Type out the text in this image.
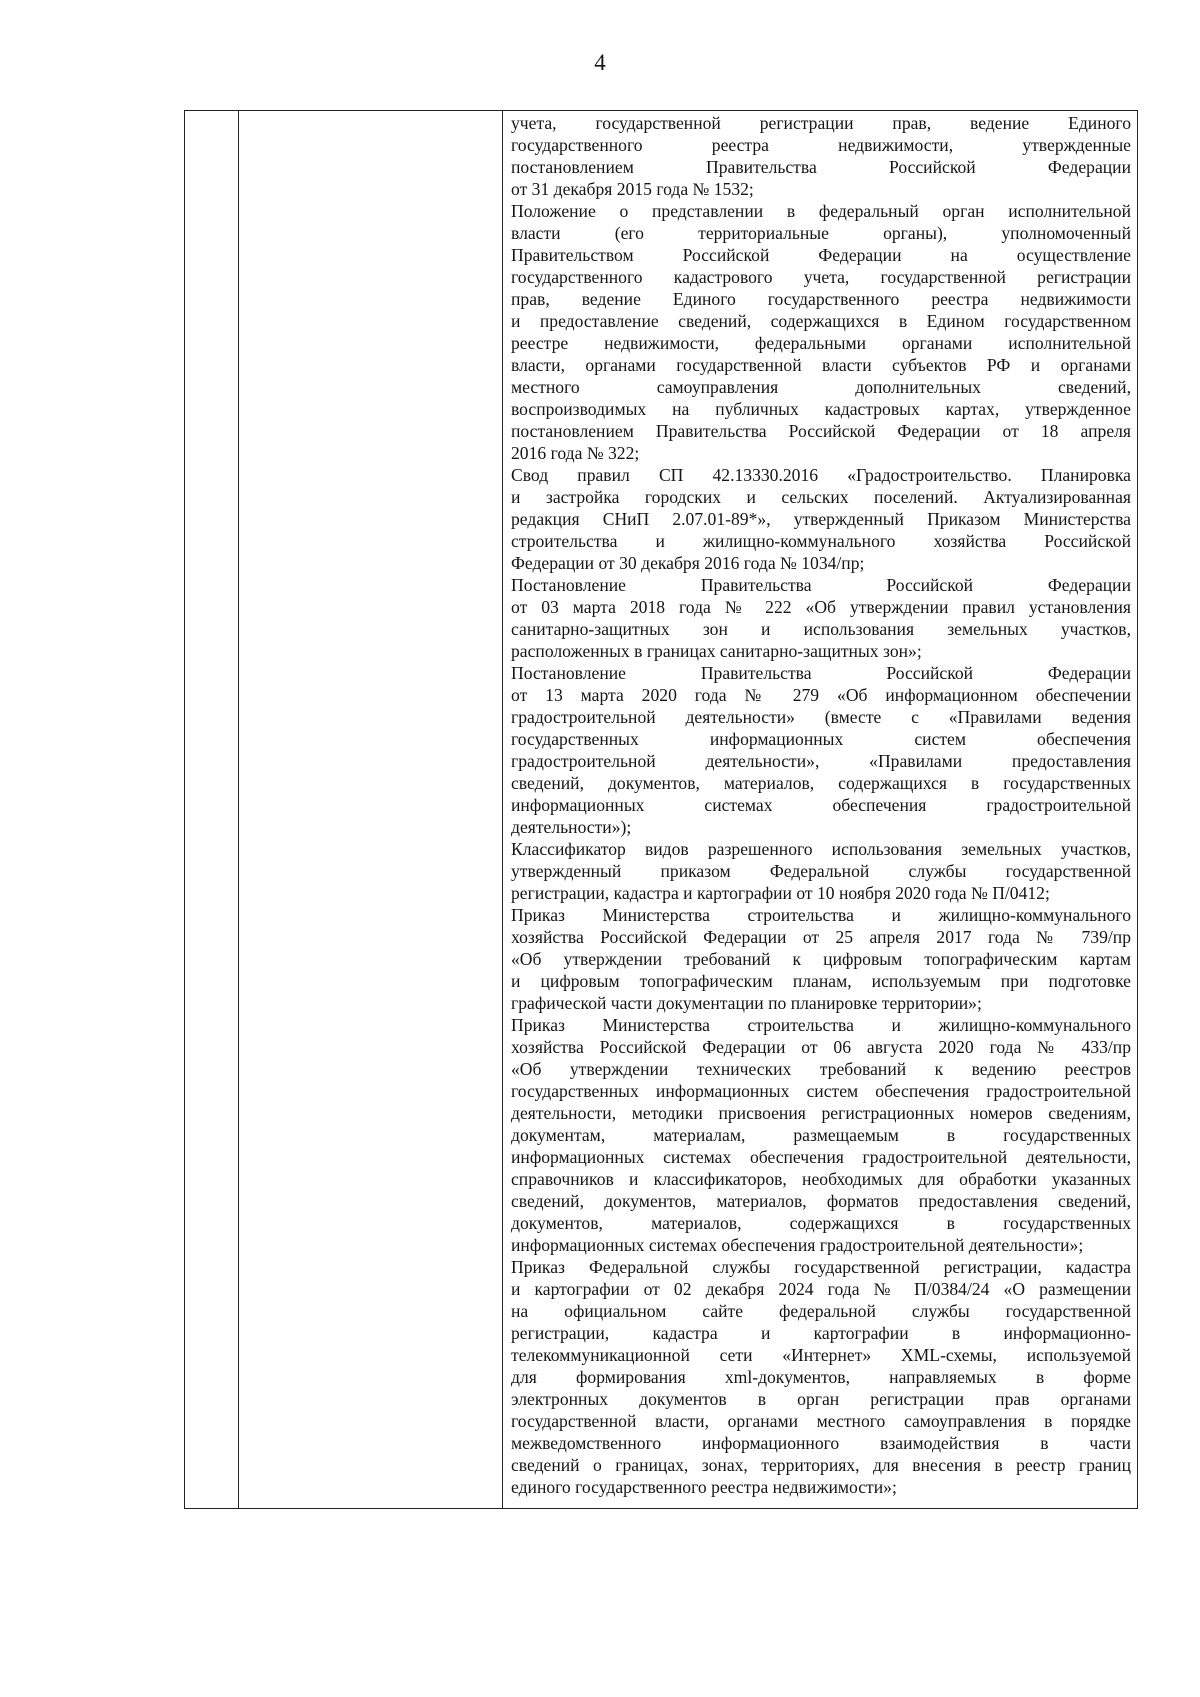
4
учета, государственной регистрации прав, ведение Единого
государственного реестра недвижимости, утвержденные
постановлением Правительства Российской Федерации
от 31 декабря 2015 года № 1532;
Положение о представлении в федеральный орган исполнительной
власти (его территориальные органы), уполномоченный
Правительством Российской Федерации на осуществление
государственного кадастрового учета, государственной регистрации
прав, ведение Единого государственного реестра недвижимости
и предоставление сведений, содержащихся в Едином государственном
реестре недвижимости, федеральными органами исполнительной
власти, органами государственной власти субъектов РФ и органами
местного самоуправления дополнительных сведений,
воспроизводимых на публичных кадастровых картах, утвержденное
постановлением Правительства Российской Федерации от 18 апреля
2016 года № 322;
Свод правил СП 42.13330.2016 «Градостроительство. Планировка
и застройка городских и сельских поселений. Актуализированная
редакция СНиП 2.07.01-89*», утвержденный Приказом Министерства
строительства и жилищно-коммунального хозяйства Российской
Федерации от 30 декабря 2016 года № 1034/пр;
Постановление Правительства Российской Федерации
от 03 марта 2018 года № 222 «Об утверждении правил установления
санитарно-защитных зон и использования земельных участков,
расположенных в границах санитарно-защитных зон»;
Постановление Правительства Российской Федерации
от 13 марта 2020 года № 279 «Об информационном обеспечении
градостроительной деятельности» (вместе с «Правилами ведения
государственных информационных систем обеспечения
градостроительной деятельности», «Правилами предоставления
сведений, документов, материалов, содержащихся в государственных
информационных системах обеспечения градостроительной
деятельности»);
Классификатор видов разрешенного использования земельных участков,
утвержденный приказом Федеральной службы государственной
регистрации, кадастра и картографии от 10 ноября 2020 года № П/0412;
Приказ Министерства строительства и жилищно-коммунального
хозяйства Российской Федерации от 25 апреля 2017 года № 739/пр
«Об утверждении требований к цифровым топографическим картам
и цифровым топографическим планам, используемым при подготовке
графической части документации по планировке территории»;
Приказ Министерства строительства и жилищно-коммунального
хозяйства Российской Федерации от 06 августа 2020 года № 433/пр
«Об утверждении технических требований к ведению реестров
государственных информационных систем обеспечения градостроительной
деятельности, методики присвоения регистрационных номеров сведениям,
документам, материалам, размещаемым в государственных
информационных системах обеспечения градостроительной деятельности,
справочников и классификаторов, необходимых для обработки указанных
сведений, документов, материалов, форматов предоставления сведений,
документов, материалов, содержащихся в государственных
информационных системах обеспечения градостроительной деятельности»;
Приказ Федеральной службы государственной регистрации, кадастра
и картографии от 02 декабря 2024 года № П/0384/24 «О размещении
на официальном сайте федеральной службы государственной
регистрации, кадастра и картографии в информационно-
телекоммуникационной сети «Интернет» XML-схемы, используемой
для формирования xml-документов, направляемых в форме
электронных документов в орган регистрации прав органами
государственной власти, органами местного самоуправления в порядке
межведомственного информационного взаимодействия в части
сведений о границах, зонах, территориях, для внесения в реестр границ
единого государственного реестра недвижимости»;
